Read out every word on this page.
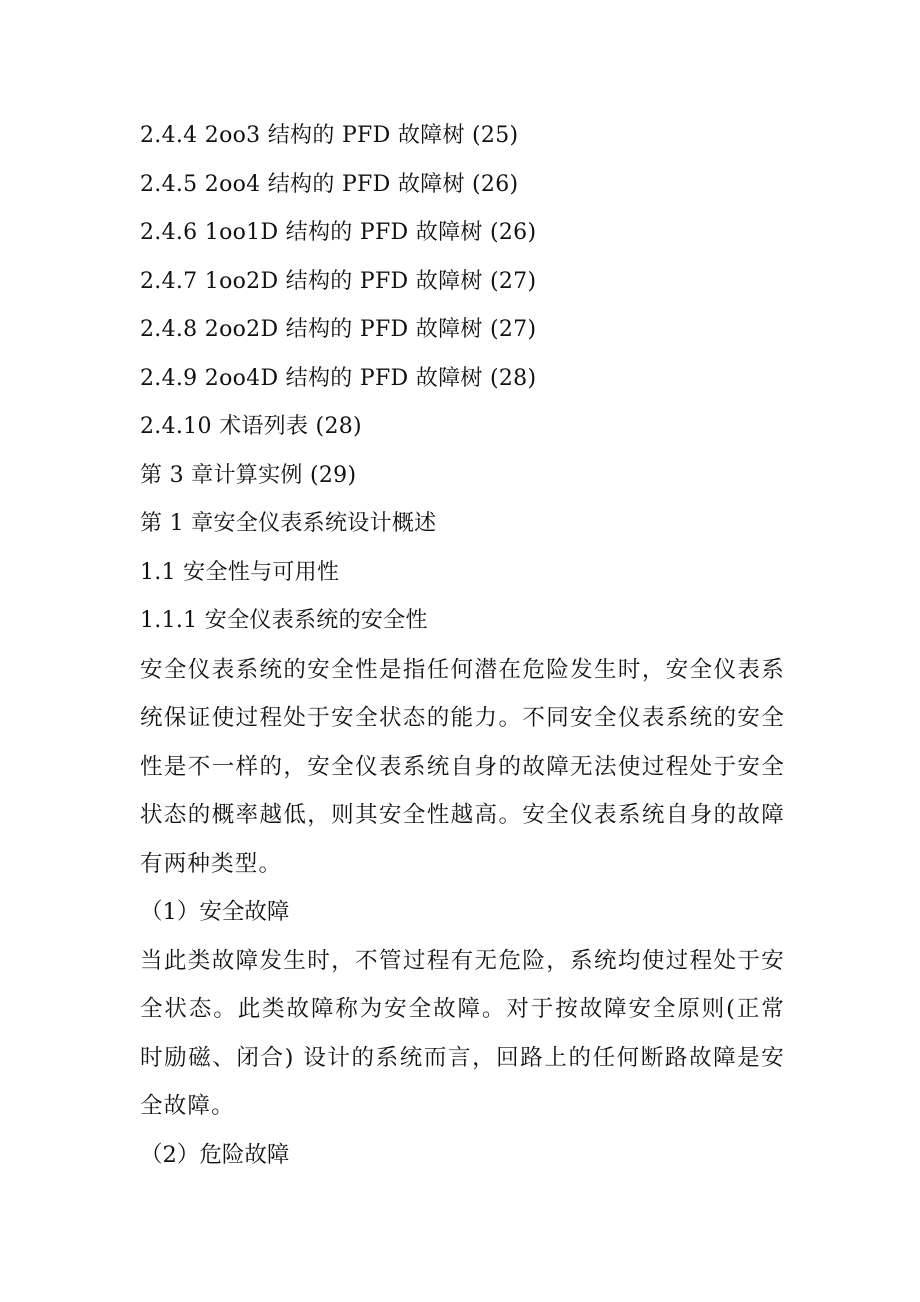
2.4.4 2oo3 结构的 PFD 故障树 (25)
2.4.5 2oo4 结构的 PFD 故障树 (26)
2.4.6 1oo1D 结构的 PFD 故障树 (26)
2.4.7 1oo2D 结构的 PFD 故障树 (27)
2.4.8 2oo2D 结构的 PFD 故障树 (27)
2.4.9 2oo4D 结构的 PFD 故障树 (28)
2.4.10 术语列表 (28)
第 3 章计算实例 (29)
第 1 章安全仪表系统设计概述
1.1 安全性与可用性
1.1.1 安全仪表系统的安全性
安全仪表系统的安全性是指任何潜在危险发生时，安全仪表系统保证使过程处于安全状态的能力。不同安全仪表系统的安全性是不一样的，安全仪表系统自身的故障无法使过程处于安全状态的概率越低，则其安全性越高。安全仪表系统自身的故障有两种类型。
（1）安全故障
当此类故障发生时，不管过程有无危险，系统均使过程处于安全状态。此类故障称为安全故障。对于按故障安全原则(正常时励磁、闭合) 设计的系统而言，回路上的任何断路故障是安全故障。
（2）危险故障
